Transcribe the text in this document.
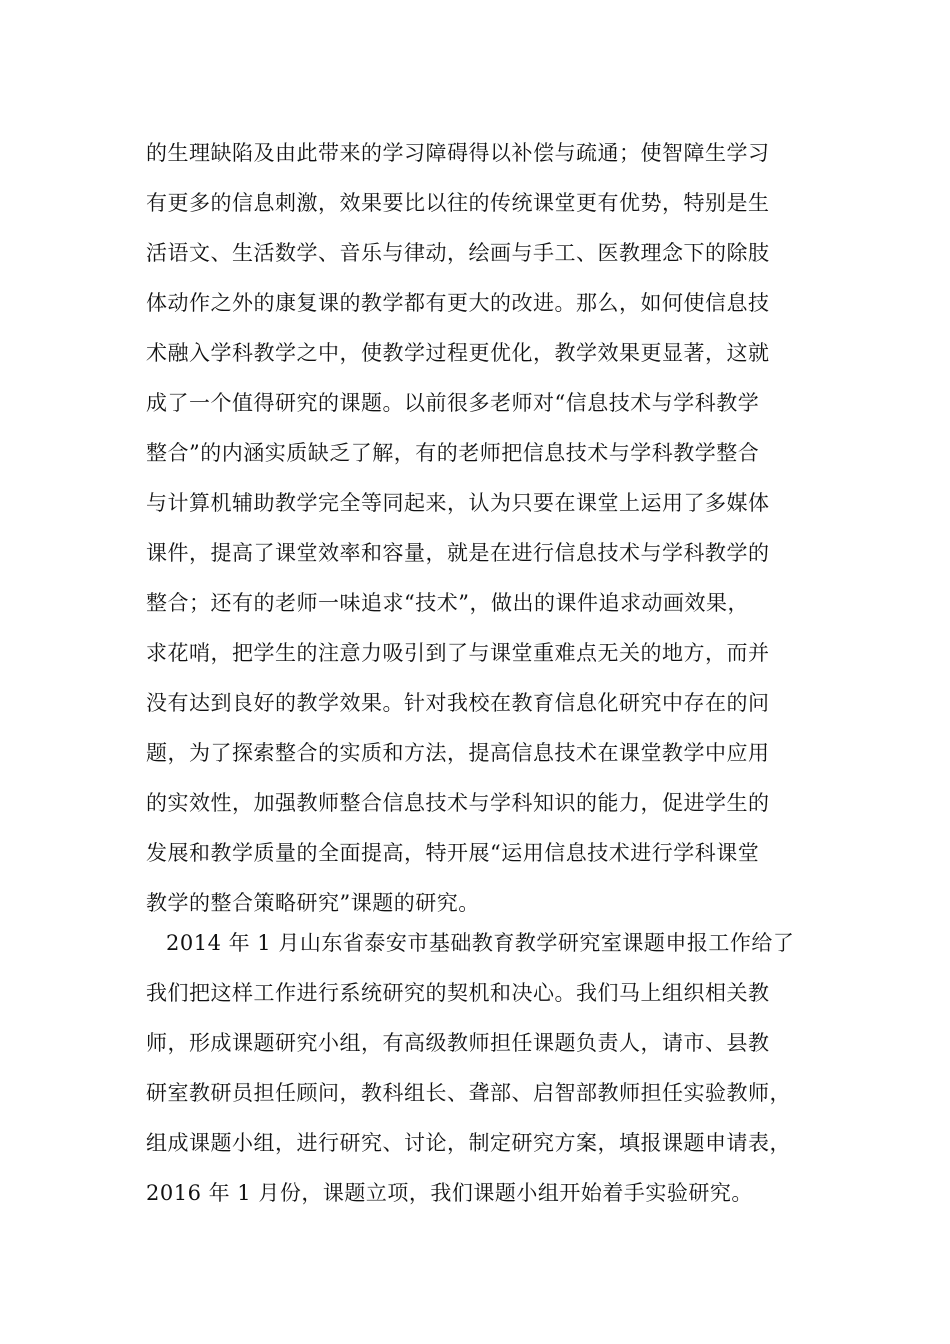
的生理缺陷及由此带来的学习障碍得以补偿与疏通；使智障生学习
有更多的信息刺激，效果要比以往的传统课堂更有优势，特别是生
活语文、生活数学、音乐与律动，绘画与手工、医教理念下的除肢
体动作之外的康复课的教学都有更大的改进。那么，如何使信息技
术融入学科教学之中，使教学过程更优化，教学效果更显著，这就
成了一个值得研究的课题。以前很多老师对“信息技术与学科教学
整合”的内涵实质缺乏了解，有的老师把信息技术与学科教学整合
与计算机辅助教学完全等同起来，认为只要在课堂上运用了多媒体
课件，提高了课堂效率和容量，就是在进行信息技术与学科教学的
整合；还有的老师一味追求“技术”，做出的课件追求动画效果，
求花哨，把学生的注意力吸引到了与课堂重难点无关的地方，而并
没有达到良好的教学效果。针对我校在教育信息化研究中存在的问
题，为了探索整合的实质和方法，提高信息技术在课堂教学中应用
的实效性，加强教师整合信息技术与学科知识的能力，促进学生的
发展和教学质量的全面提高，特开展“运用信息技术进行学科课堂
教学的整合策略研究”课题的研究。
2014 年 1 月山东省泰安市基础教育教学研究室课题申报工作给了
我们把这样工作进行系统研究的契机和决心。我们马上组织相关教
师，形成课题研究小组，有高级教师担任课题负责人，请市、县教
研室教研员担任顾问，教科组长、聋部、启智部教师担任实验教师，
组成课题小组，进行研究、讨论，制定研究方案，填报课题申请表，
2016 年 1 月份，课题立项，我们课题小组开始着手实验研究。
